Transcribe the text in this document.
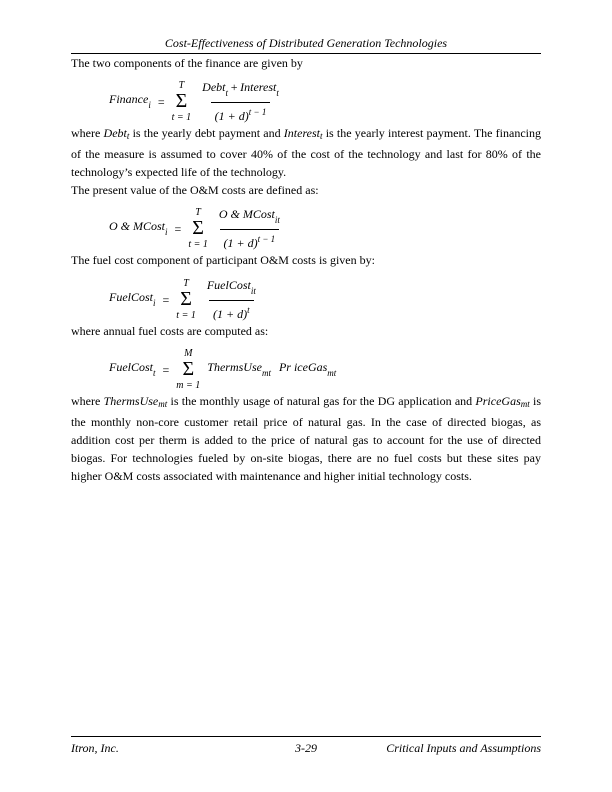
Cost-Effectiveness of Distributed Generation Technologies

The two components of the finance are given by

Finance$_i$ =
T
Σ
$t = 1 \frac{Debt_t + Interest_t}{(1 + d)^{t - 1}}$

where Debtt is the yearly debt payment and Interestt is the yearly interest payment. The financing of the measure is assumed to cover 40% of the cost of the technology and last for 80% of the technology’s expected life of the technology.

The present value of the O&M costs are defined as:

O & MCost$_i$ =
T
Σ
$t = 1 \frac{O \& MCost_{it}}{(1 + d)^{t - 1}}$

The fuel cost component of participant O&M costs is given by:

FuelCost$_i$ =
T
Σ
$t = 1 \frac{FuelCost_{it}}{(1 + d)^t}$

where annual fuel costs are computed as:

FuelCost$_t$ =
M
Σ
m = 1
ThermsUse$_{mt}$ Pr iceGas$_{mt}$

where ThermsUsemt is the monthly usage of natural gas for the DG application and PriceGasmt is the monthly non-core customer retail price of natural gas. In the case of directed biogas, as addition cost per therm is added to the price of natural gas to account for the use of directed biogas. For technologies fueled by on-site biogas, there are no fuel costs but these sites pay higher O&M costs associated with maintenance and higher initial technology costs.

Itron, Inc.	3-29	Critical Inputs and Assumptions
